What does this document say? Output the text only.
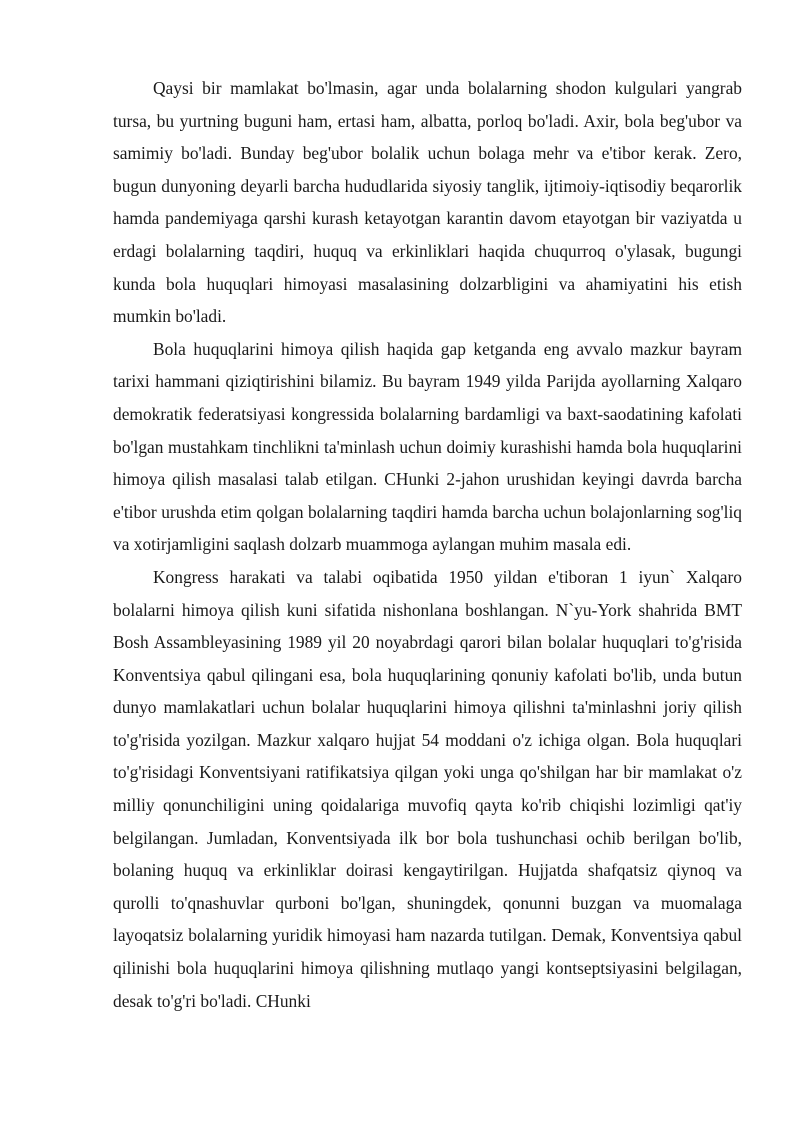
Qaysi bir mamlakat bo'lmasin, agar unda bolalarning shodon kulgulari yangrab tursa, bu yurtning buguni ham, ertasi ham, albatta, porloq bo'ladi. Axir, bola beg'ubor va samimiy bo'ladi. Bunday beg'ubor bolalik uchun bolaga mehr va e'tibor kerak. Zero, bugun dunyoning deyarli barcha hududlarida siyosiy tanglik, ijtimoiy-iqtisodiy beqarorlik hamda pandemiyaga qarshi kurash ketayotgan karantin davom etayotgan bir vaziyatda u erdagi bolalarning taqdiri, huquq va erkinliklari haqida chuqurroq o'ylasak, bugungi kunda bola huquqlari himoyasi masalasining dolzarbligini va ahamiyatini his etish mumkin bo'ladi.

Bola huquqlarini himoya qilish haqida gap ketganda eng avvalo mazkur bayram tarixi hammani qiziqtirishini bilamiz. Bu bayram 1949 yilda Parijda ayollarning Xalqaro demokratik federatsiyasi kongressida bolalarning bardamligi va baxt-saodatining kafolati bo'lgan mustahkam tinchlikni ta'minlash uchun doimiy kurashishi hamda bola huquqlarini himoya qilish masalasi talab etilgan. CHunki 2-jahon urushidan keyingi davrda barcha e'tibor urushda etim qolgan bolalarning taqdiri hamda barcha uchun bolajonlarning sog'liq va xotirjamligini saqlash dolzarb muammoga aylangan muhim masala edi.

Kongress harakati va talabi oqibatida 1950 yildan e'tiboran 1 iyun` Xalqaro bolalarni himoya qilish kuni sifatida nishonlana boshlangan. N`yu-York shahrida BMT Bosh Assambleyasining 1989 yil 20 noyabrdagi qarori bilan bolalar huquqlari to'g'risida Konventsiya qabul qilingani esa, bola huquqlarining qonuniy kafolati bo'lib, unda butun dunyo mamlakatlari uchun bolalar huquqlarini himoya qilishni ta'minlashni joriy qilish to'g'risida yozilgan. Mazkur xalqaro hujjat 54 moddani o'z ichiga olgan. Bola huquqlari to'g'risidagi Konventsiyani ratifikatsiya qilgan yoki unga qo'shilgan har bir mamlakat o'z milliy qonunchiligini uning qoidalariga muvofiq qayta ko'rib chiqishi lozimligi qat'iy belgilangan. Jumladan, Konventsiyada ilk bor bola tushunchasi ochib berilgan bo'lib, bolaning huquq va erkinliklar doirasi kengaytirilgan. Hujjatda shafqatsiz qiynoq va qurolli to'qnashuvlar qurboni bo'lgan, shuningdek, qonunni buzgan va muomalaga layoqatsiz bolalarning yuridik himoyasi ham nazarda tutilgan. Demak, Konventsiya qabul qilinishi bola huquqlarini himoya qilishning mutlaqo yangi kontseptsiyasini belgilagan, desak to'g'ri bo'ladi. CHunki
